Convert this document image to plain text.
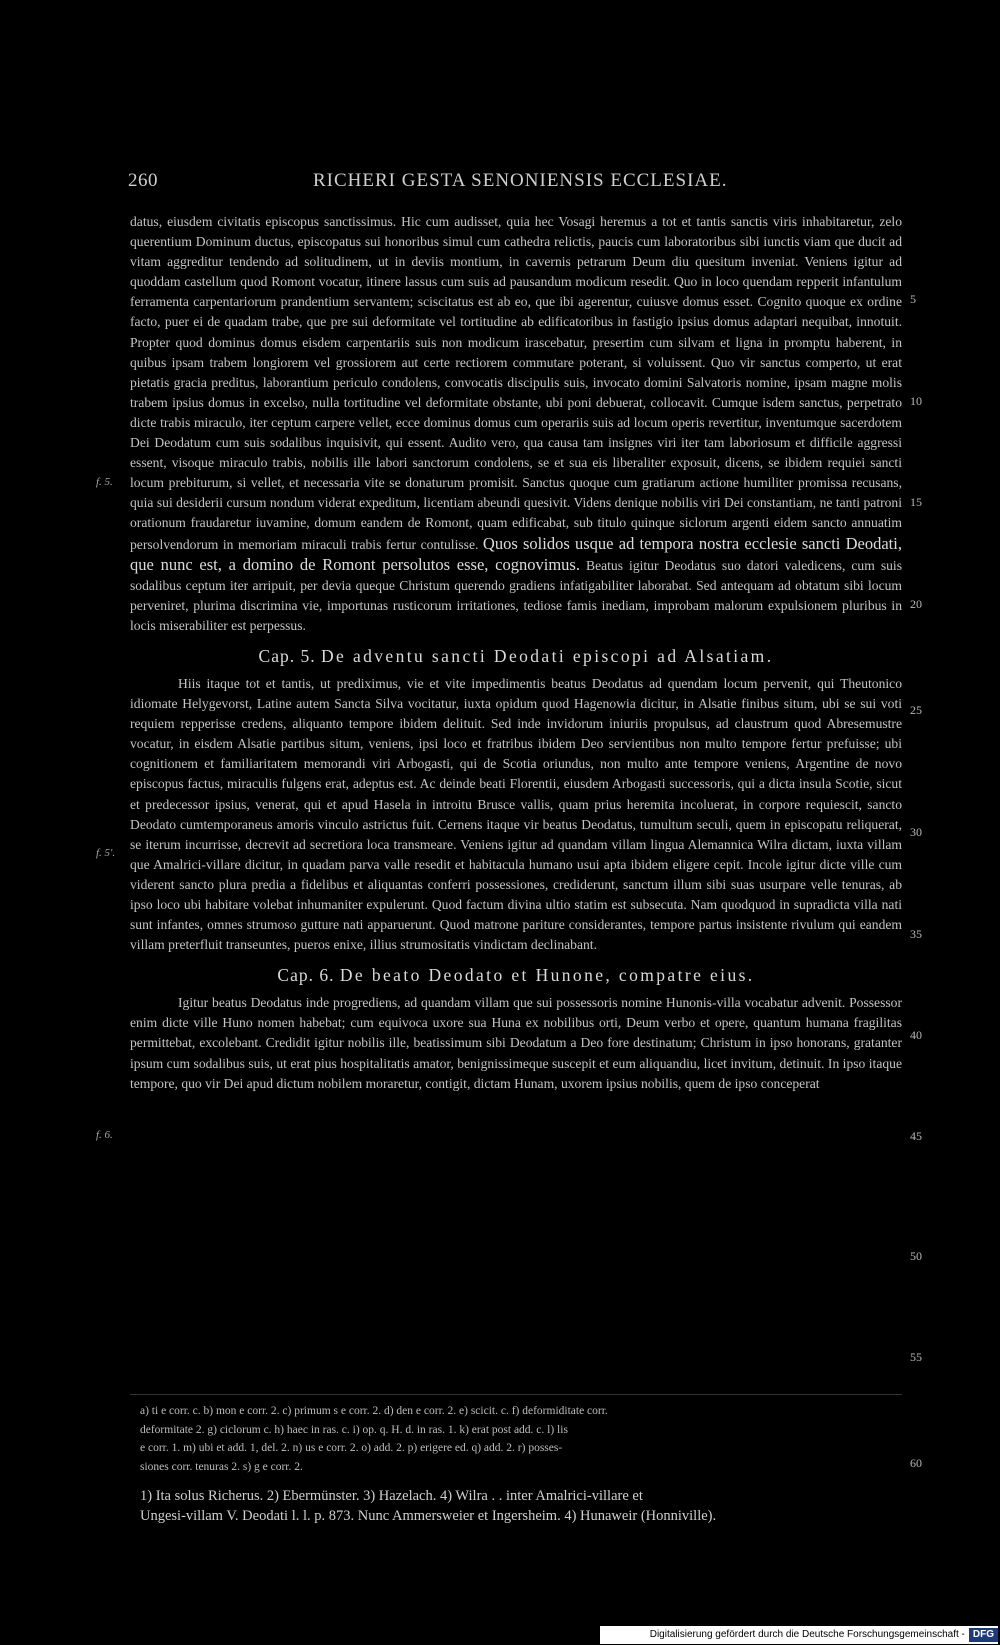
260	RICHERI GESTA SENONIENSIS ECCLESIAE.

datus, eiusdem civitatis episcopus sanctissimus. Hic cum audisset, quia hec Vosagi heremus a tot et tantis sanctis viris inhabitaretur, zelo querentium Dominum ductus, episcopatus sui honoribus simul cum cathedra relictis, paucis cum laboratoribus sibi iunctis viam que ducit ad vitam aggreditur tendendo ad solitudinem, ut in deviis montium, in cavernis petrarum Deum diu quesitum inveniat. Veniens igitur ad quoddam castellum quod Romont vocatur, itinere lassus cum suis ad pausandum modicum resedit. Quo in loco quendam repperit infantulum ferramenta carpentariorum prandentium servantem; sciscitatus est ab eo, que ibi agerentur, cuiusve domus esset. Cognito quoque ex ordine facto, puer ei de quadam trabe, que pre sui deformitate vel tortitudine ab edificatoribus in fastigio ipsius domus adaptari nequibat, innotuit. Propter quod dominus domus eisdem carpentariis suis non modicum irascebatur, presertim cum silvam et ligna in promptu haberent, in quibus ipsam trabem longiorem vel grossiorem aut certe rectiorem commutare poterant, si voluissent. Quo vir sanctus comperto, ut erat pietatis gracia preditus, laborantium periculo condolens, convocatis discipulis suis, invocato domini Salvatoris nomine, ipsam magne molis trabem ipsius domus in excelso, nulla tortitudine vel deformitate obstante, ubi poni debuerat, collocavit. Cumque isdem sanctus, perpetrato dicte trabis miraculo, iter ceptum carpere vellet, ecce dominus domus cum operariis suis ad locum operis revertitur, inventumque sacerdotem Dei Deodatum cum suis sodalibus inquisivit, qui essent. Audito vero, qua causa tam insignes viri iter tam laboriosum et difficile aggressi essent, visoque miraculo trabis, nobilis ille labori sanctorum condolens, se et sua eis liberaliter exposuit, dicens, se ibidem requiei sancti locum prebiturum, si vellet, et necessaria vite se donaturum promisit. Sanctus quoque cum gratiarum actione humiliter promissa recusans, quia sui desiderii cursum nondum viderat expeditum, licentiam abeundi quesivit. Videns denique nobilis viri Dei constantiam, ne tanti patroni orationum fraudaretur iuvamine, domum eandem de Romont, quam edificabat, sub titulo quinque siclorum argenti eidem sancto annuatim persolvendorum in memoriam miraculi trabis fertur contulisse. Quos solidos usque ad tempora nostra ecclesie sancti Deodati, que nunc est, a domino de Romont persolutos esse, cognovimus. Beatus igitur Deodatus suo datori valedicens, cum suis sodalibus ceptum iter arripuit, per devia queque Christum querendo gradiens infatigabiliter laborabat. Sed antequam ad obtatum sibi locum perveniret, plurima discrimina vie, importunas rusticorum irritationes, tediose famis inediam, improbam malorum expulsionem pluribus in locis miserabiliter est perpessus.

Cap. 5. De adventu sancti Deodati episcopi ad Alsatiam.

Hiis itaque tot et tantis, ut prediximus, vie et vite impedimentis beatus Deodatus ad quendam locum pervenit, qui Theutonico idiomate Helygevorst, Latine autem Sancta Silva vocitatur, iuxta opidum quod Hagenowia dicitur, in Alsatie finibus situm, ubi se sui voti requiem repperisse credens, aliquanto tempore ibidem delituit. Sed inde invidorum iniuriis propulsus, ad claustrum quod Abresemustre vocatur, in eisdem Alsatie partibus situm, veniens, ipsi loco et fratribus ibidem Deo servientibus non multo tempore fertur prefuisse; ubi cognitionem et familiaritatem memorandi viri Arbogasti, qui de Scotia oriundus, non multo ante tempore veniens, Argentine de novo episcopus factus, miraculis fulgens erat, adeptus est. Ac deinde beati Florentii, eiusdem Arbogasti successoris, qui a dicta insula Scotie, sicut et predecessor ipsius, venerat, qui et apud Hasela in introitu Brusce vallis, quam prius heremita incoluerat, in corpore requiescit, sancto Deodato cumtemporaneus amoris vinculo astrictus fuit. Cernens itaque vir beatus Deodatus, tumultum seculi, quem in episcopatu reliquerat, se iterum incurrisse, decrevit ad secretiora loca transmeare. Veniens igitur ad quandam villam lingua Alemannica Wilra dictam, iuxta villam que Amalrici-villare dicitur, in quadam parva valle resedit et habitacula humano usui apta ibidem eligere cepit. Incole igitur dicte ville cum viderent sancto plura predia a fidelibus et aliquantas conferri possessiones, crediderunt, sanctum illum sibi suas usurpare velle tenuras, ab ipso loco ubi habitare volebat inhumaniter expulerunt. Quod factum divina ultio statim est subsecuta. Nam quodquod in supradicta villa nati sunt infantes, omnes strumoso gutture nati apparuerunt. Quod matrone pariture considerantes, tempore partus insistente rivulum qui eandem villam preterfluit transeuntes, pueros enixe, illius strumositatis vindictam declinabant.

Cap. 6. De beato Deodato et Hunone, compatre eius.

Igitur beatus Deodatus inde progrediens, ad quandam villam que sui possessoris nomine Hunonis-villa vocabatur advenit. Possessor enim dicte ville Huno nomen habebat; cum equivoca uxore sua Huna ex nobilibus orti, Deum verbo et opere, quantum humana fragilitas permittebat, excolebant. Credidit igitur nobilis ille, beatissimum sibi Deodatum a Deo fore destinatum; Christum in ipso honorans, gratanter ipsum cum sodalibus suis, ut erat pius hospitalitatis amator, benignissimeque suscepit et eum aliquandiu, licet invitum, detinuit. In ipso itaque tempore, quo vir Dei apud dictum nobilem moraretur, contigit, dictam Hunam, uxorem ipsius nobilis, quem de ipso conceperat

5
10
15
20
25
30
35
40
45
50
55
60
f. 5.
f. 5'.
f. 6.
a) ti e corr. c. b) mon e corr. 2. c) primum s e corr. 2. d) den e corr. 2. e) scicit. c. f) deformiditate corr.
deformitate 2. g) ciclorum c. h) haec in ras. c. i) op. q. H. d. in ras. 1. k) erat post add. c. l) lis
e corr. 1. m) ubi et add. 1, del. 2. n) us e corr. 2. o) add. 2. p) erigere ed. q) add. 2. r) posses-
siones corr. tenuras 2. s) g e corr. 2.
1) Ita solus Richerus. 2) Ebermünster. 3) Hazelach. 4) Wilra . . inter Amalrici-villare et
Ungesi-villam V. Deodati l. l. p. 873. Nunc Ammersweier et Ingersheim. 4) Hunaweir (Honniville).
Digitalisierung gefördert durch die Deutsche Forschungsgemeinschaft - DFG
